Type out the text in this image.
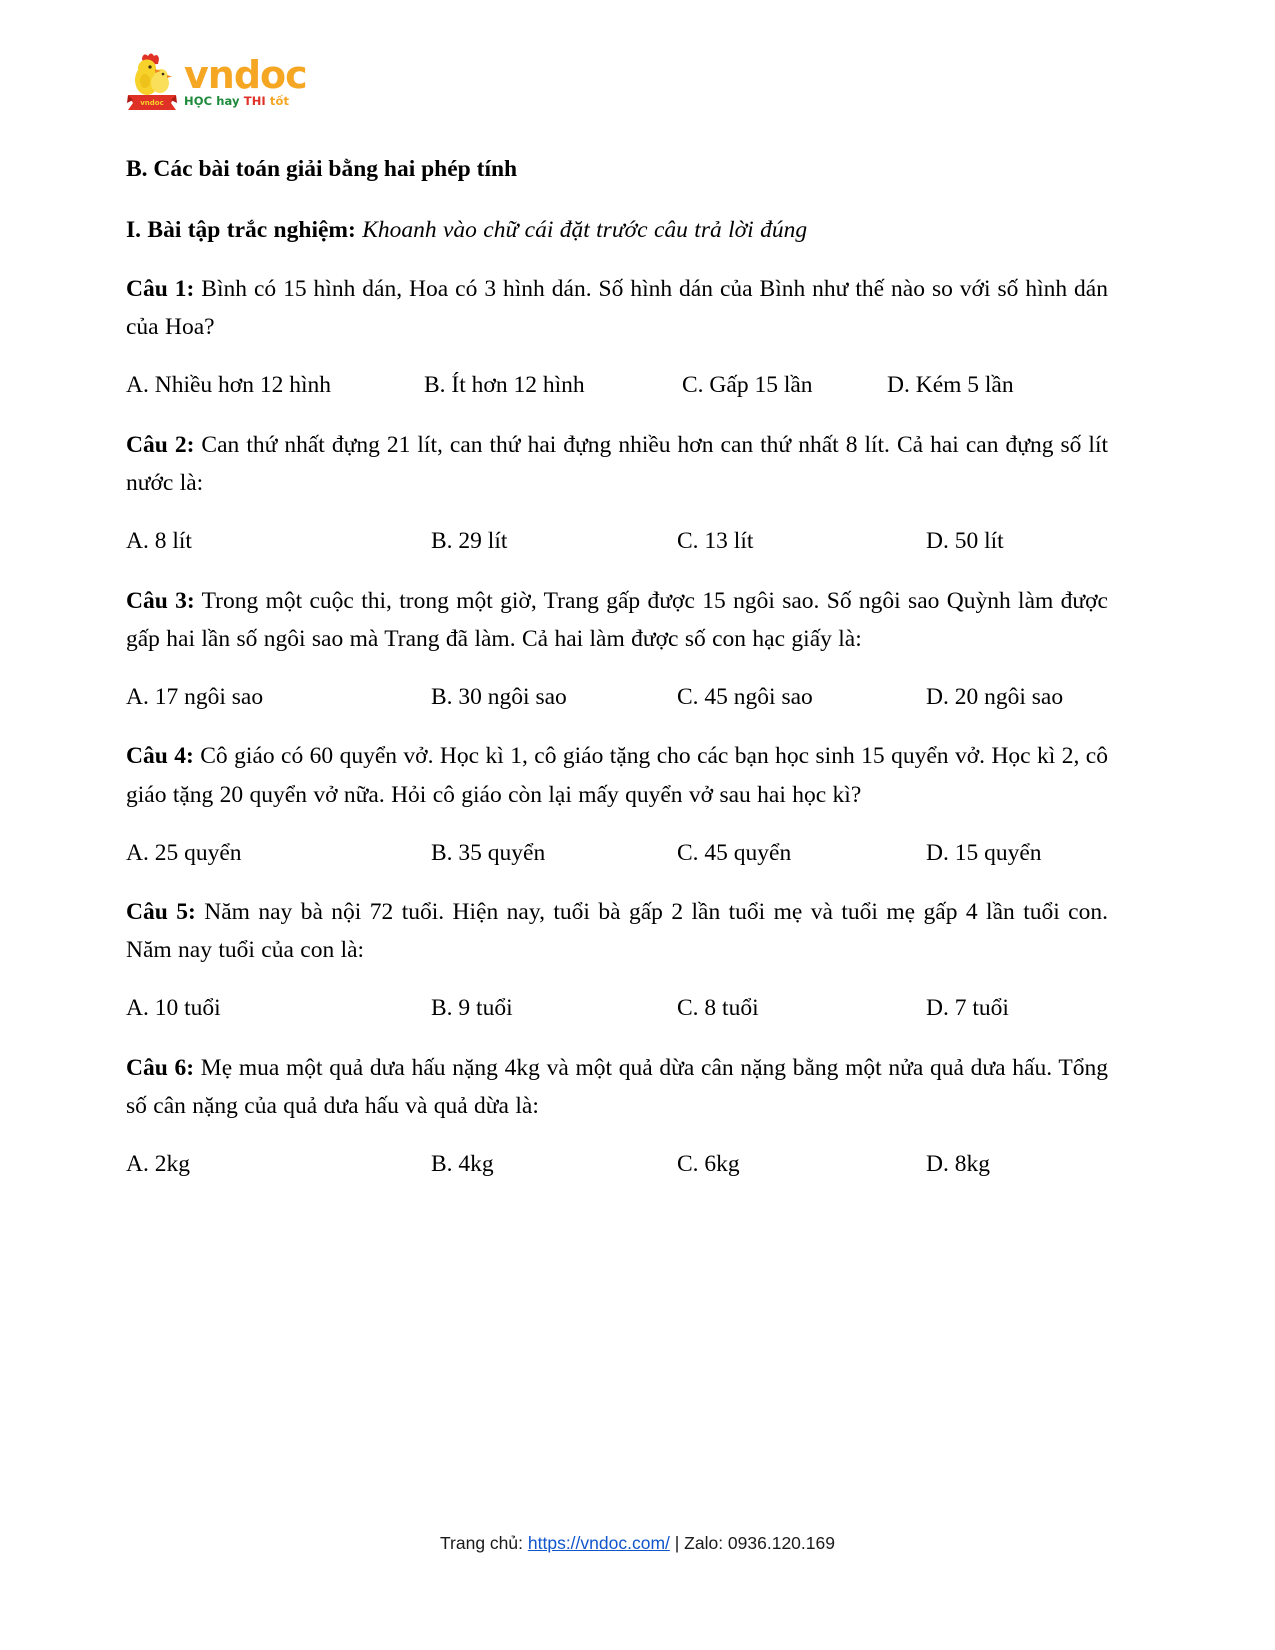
vndoc
vndoc
HỌC hay THI tốt

B. Các bài toán giải bằng hai phép tính

I. Bài tập trắc nghiệm: Khoanh vào chữ cái đặt trước câu trả lời đúng

Câu 1: Bình có 15 hình dán, Hoa có 3 hình dán. Số hình dán của Bình như thế nào so với số hình dán của Hoa?

A. Nhiều hơn 12 hình	B. Ít hơn 12 hình	C. Gấp 15 lần	D. Kém 5 lần

Câu 2: Can thứ nhất đựng 21 lít, can thứ hai đựng nhiều hơn can thứ nhất 8 lít. Cả hai can đựng số lít nước là:

A. 8 lít	B. 29 lít	C. 13 lít	D. 50 lít

Câu 3: Trong một cuộc thi, trong một giờ, Trang gấp được 15 ngôi sao. Số ngôi sao Quỳnh làm được gấp hai lần số ngôi sao mà Trang đã làm. Cả hai làm được số con hạc giấy là:

A. 17 ngôi sao	B. 30 ngôi sao	C. 45 ngôi sao	D. 20 ngôi sao

Câu 4: Cô giáo có 60 quyển vở. Học kì 1, cô giáo tặng cho các bạn học sinh 15 quyển vở. Học kì 2, cô giáo tặng 20 quyển vở nữa. Hỏi cô giáo còn lại mấy quyển vở sau hai học kì?

A. 25 quyển	B. 35 quyển	C. 45 quyển	D. 15 quyển

Câu 5: Năm nay bà nội 72 tuổi. Hiện nay, tuổi bà gấp 2 lần tuổi mẹ và tuổi mẹ gấp 4 lần tuổi con. Năm nay tuổi của con là:

A. 10 tuổi	B. 9 tuổi	C. 8 tuổi	D. 7 tuổi

Câu 6: Mẹ mua một quả dưa hấu nặng 4kg và một quả dừa cân nặng bằng một nửa quả dưa hấu. Tổng số cân nặng của quả dưa hấu và quả dừa là:

A. 2kg	B. 4kg	C. 6kg	D. 8kg
Trang chủ: https://vndoc.com/ | Zalo: 0936.120.169
